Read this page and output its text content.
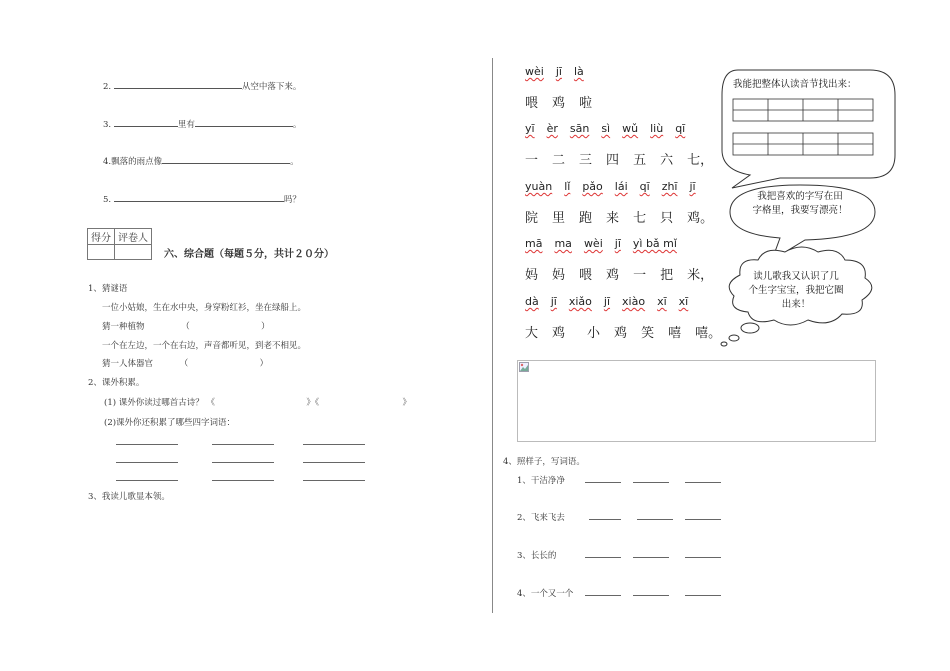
2.	从空中落下来。
3.	里有	。
4.飘落的雨点像	。
5.	吗？
得分	评卷人

六、综合题（每题５分，共计２０分）
1、猜谜语
一位小姑娘，生在水中央，身穿粉红衫，坐在绿船上。
猜一种植物	（	）
一个在左边，一个在右边，声音都听见，到老不相见。
猜一人体器官	（	）
2、课外积累。
(1) 课外你读过哪首古诗？ 《	》《	》
(2)课外你还积累了哪些四字词语：
3、我读儿歌显本领。
wèi jī là
喂 鸡 啦
yī èr sān sì wǔ liù qī
一 二 三 四 五 六 七，
yuàn lǐ pǎo lái qī zhī jī
院 里 跑 来 七 只 鸡。
mā ma wèi jī yì bǎ mǐ
妈 妈 喂 鸡 一 把 米，
dà jī xiǎo jī xiào xī xī
大 鸡 小 鸡 笑 嘻 嘻。
我能把整体认读音节找出来：
我把喜欢的字写在田
字格里，我要写漂亮！
读儿歌我又认识了几
个生字宝宝，我把它圈
出来！
4、照样子，写词语。
1、干洁净净
2、飞来飞去
3、长长的
4、一个又一个
